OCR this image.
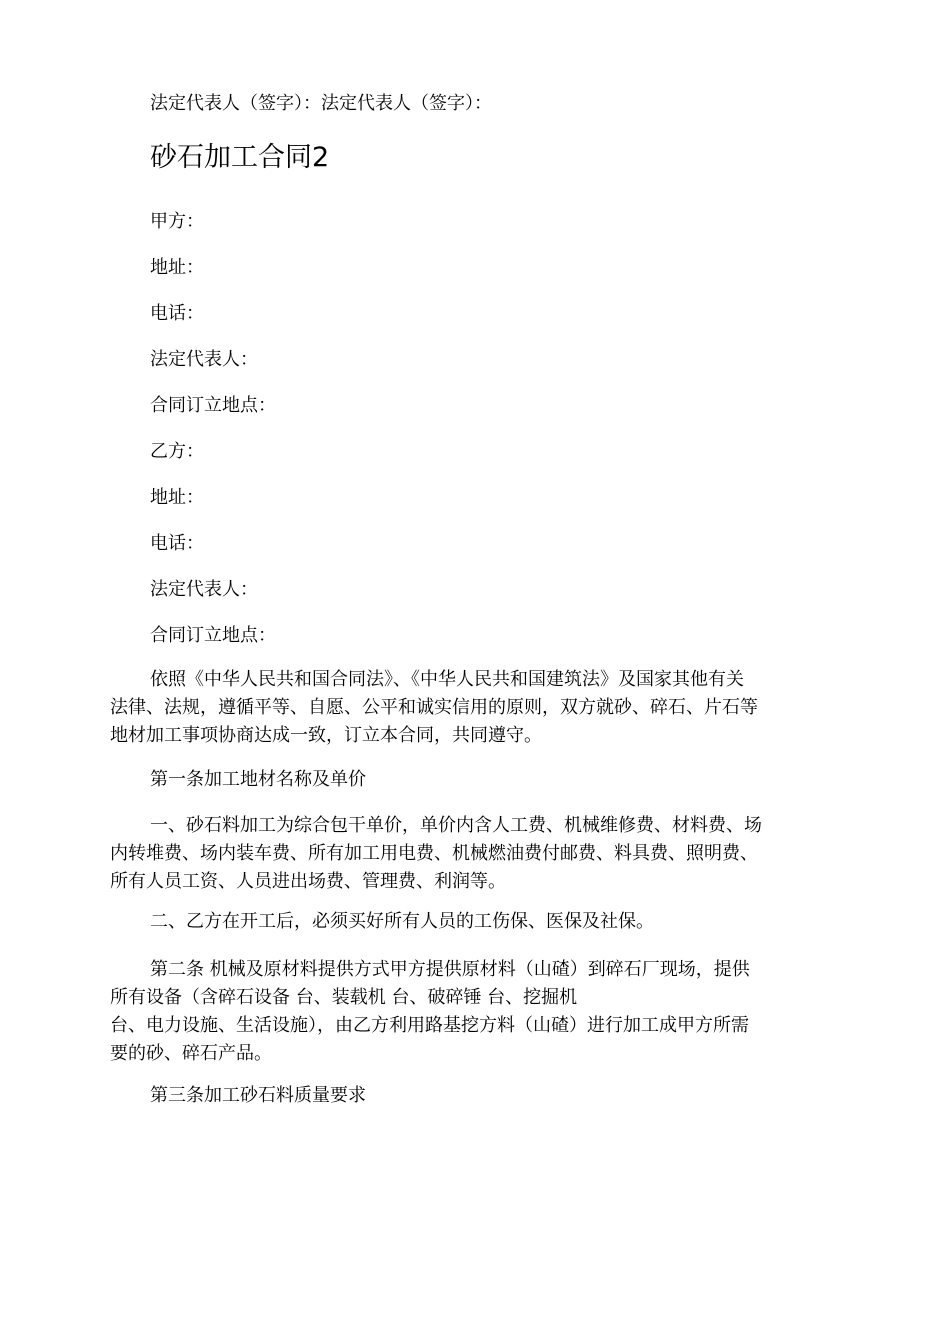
法定代表人（签字）：法定代表人（签字）：
砂石加工合同2
甲方：
地址：
电话：
法定代表人：
合同订立地点：
乙方：
地址：
电话：
法定代表人：
合同订立地点：
依照《中华人民共和国合同法》、《中华人民共和国建筑法》及国家其他有关
法律、法规，遵循平等、自愿、公平和诚实信用的原则，双方就砂、碎石、片石等
地材加工事项协商达成一致，订立本合同，共同遵守。
第一条加工地材名称及单价
一、砂石料加工为综合包干单价，单价内含人工费、机械维修费、材料费、场
内转堆费、场内装车费、所有加工用电费、机械燃油费付邮费、料具费、照明费、
所有人员工资、人员进出场费、管理费、利润等。
二、乙方在开工后，必须买好所有人员的工伤保、医保及社保。
第二条 机械及原材料提供方式甲方提供原材料（山碴）到碎石厂现场，提供
所有设备（含碎石设备 台、装载机 台、破碎锤 台、挖掘机
台、电力设施、生活设施），由乙方利用路基挖方料（山碴）进行加工成甲方所需
要的砂、碎石产品。
第三条加工砂石料质量要求
